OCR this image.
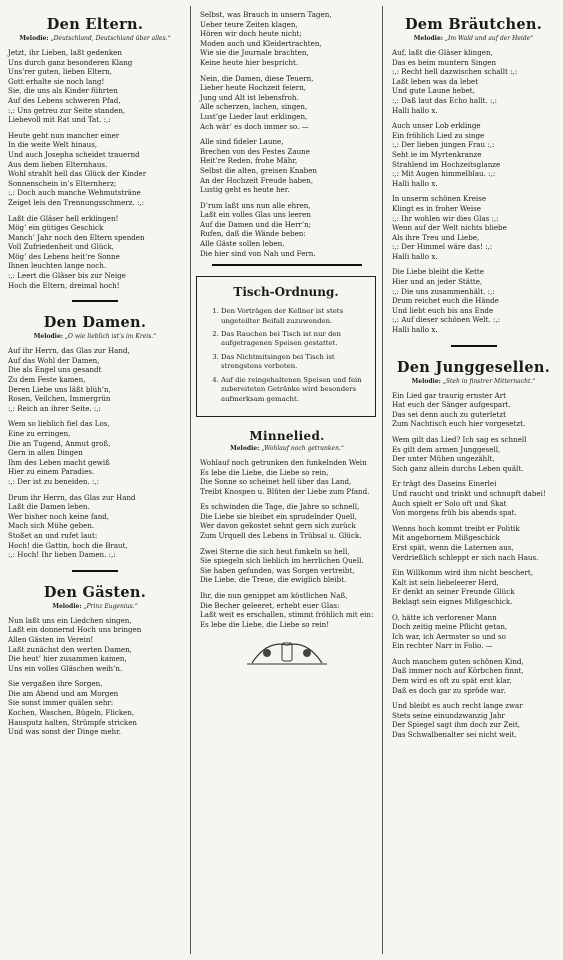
Den Eltern.
Melodie: „Deutschland, Deutschland über alles.“
Jetzt, ihr Lieben, laßt gedenken
Uns durch ganz besonderen Klang
Uns’rer guten, lieben Eltern,
Gott erhalte sie noch lang!
Sie, die uns als Kinder führten
Auf des Lebens schweren Pfad,
:,: Uns getreu zur Seite standen,
Liebevoll mit Rat und Tat. :,:
Heute geht nun mancher einer
In die weite Welt hinaus,
Und auch Josepha scheidet trauernd
Aus dem lieben Elternhaus.
Wohl strahlt hell das Glück der Kinder
Sonnenschein in’s Elternherz;
:,: Doch auch manche Wehmutsträne
Zeiget leis den Trennungsschmerz. :,:
Laßt die Gläser hell erklingen!
Mög’ ein gütiges Geschick
Manch’ Jahr noch den Eltern spenden
Voll Zufriedenheit und Glück,
Mög’ des Lebens heit’re Sonne
Ihnen leuchten lange noch.
:,: Leert die Gläser bis zur Neige
Hoch die Eltern, dreimal hoch!
Den Damen.
Melodie: „O wie lieblich ist’s im Kreis.“
Auf ihr Herrn, das Glas zur Hand,
Auf das Wohl der Damen,
Die als Engel uns gesandt
Zu dem Feste kamen,
Deren Liebe uns läßt blüh’n,
Rosen, Veilchen, Immergrün
:,: Reich an ihrer Seite. :,:
Wem so lieblich fiel das Los,
Eine zu erringen,
Die an Tugend, Anmut groß,
Gern in allen Dingen
Ihm des Leben macht gewiß
Hier zu einem Paradies.
:,: Der ist zu beneiden. :,:
Drum ihr Herrn, das Glas zur Hand
Laßt die Damen leben.
Wer bisher noch keine fand,
Mach sich Mühe geben.
Stoßet an und rufet laut:
Hoch! die Gattin, hoch die Braut,
:,: Hoch! Ihr lieben Damen. :,:
Den Gästen.
Melodie: „Prinz Eugenius.“
Nun laßt uns ein Liedchen singen,
Laßt ein donnernd Hoch uns bringen
Allen Gästen im Verein!
Laßt zunächst den werten Damen,
Die heut’ hier zusammen kamen,
Uns ein volles Gläschen weih’n.
Sie vergaßen ihre Sorgen,
Die am Abend und am Morgen
Sie sonst immer quälen sehr:
Kochen, Waschen, Bügeln, Flicken,
Hausputz halten, Strümpfe stricken
Und was sonst der Dinge mehr.
Selbst, was Brauch in unsern Tagen,
Ueber teure Zeiten klagen,
Hören wir doch heute nicht;
Moden auch und Kleidertrachten,
Wie sie die Journale brachten,
Keine heute hier bespricht.
Nein, die Damen, diese Teuern,
Lieber heute Hochzeit feiern,
Jung und Alt ist lebensfroh.
Alle scherzen, lachen, singen,
Lust’ge Lieder laut erklingen,
Ach wär’ es doch immer so. —
Alle sind fideler Laune,
Brechen von des Festes Zaune
Heit’re Reden, frohe Mähr,
Selbst die alten, greisen Knaben
An der Hochzeit Freude haben,
Lustig geht es heute her.
D’rum laßt uns nun alle ehren,
Laßt ein volles Glas uns leeren
Auf die Damen und die Herr’n;
Rufen, daß die Wände beben:
Alle Gäste sollen leben,
Die hier sind von Nah und Fern.
Tisch-Ordnung.
1. Den Vorträgen der Kellner ist stets ungeteilter Beifall zuzuwenden.
2. Das Rauchen bei Tisch ist nur den aufgetragenen Speisen gestattet.
3. Das Nichtmitsingen bei Tisch ist strengstens verboten.
4. Auf die reingehaltenen Speisen und fein zubereiteten Getränke wird besonders aufmerksam gemacht.
Minnelied.
Melodie: „Wohlauf noch getrunken.“
Wohlauf noch getrunken den funkelnden Wein
Es lebe die Liebe, die Liebe so rein,
Die Sonne so scheinet hell über das Land,
Treibt Knospen u. Blüten der Liebe zum Pfand.
Es schwinden die Tage, die Jahre so schnell,
Die Liebe sie bleibet ein sprudelnder Quell,
Wer davon gekostet sehnt gern sich zurück
Zum Urquell des Lebens in Trübsal u. Glück.
Zwei Sterne die sich heut funkeln so hell,
Sie spiegeln sich lieblich im herrlichen Quell.
Sie haben gefunden, was Sorgen vertreibt,
Die Liebe, die Treue, die ewiglich bleibt.
Ihr, die nun genippet am köstlichen Naß,
Die Becher geleeret, erhebt euer Glas:
Laßt weit es erschallen, stimmt fröhlich mit ein:
Es lebe die Liebe, die Liebe so rein!
Dem Bräutchen.
Melodie: „Im Wald und auf der Heide“
Auf, laßt die Gläser klingen,
Das es beim muntern Singen
:,: Recht hell dazwischen schallt :,:
Laßt leben was da lebet
Und gute Laune hebet,
:,: Daß laut das Echo hallt. :,:
Halli hallo x.
Auch unser Lob erklinge
Ein fröhlich Lied zu singe
:,: Der lieben jungen Frau :,:
Seht ︎ie im Myrtenkranze
Strahlend im Hochzeitsglanze
:,: Mit Augen himmelblau. :,:
Halli hallo x.
In unserm schönen Kreise
Klingt es in froher Weise
:,: Ihr wohlen wir dies Glas :,:
Wenn auf der Welt nichts bliebe
Als ihre Treu und Liebe,
:,: Der Himmel wäre das! :,:
Halli hallo x.
Die Liebe bleibt die Kette
Hier und an jeder Stätte,
:,: Die uns zusammenhält. :,:
Drum reichet euch die Hände
Und liebt euch bis ans Ende
:,: Auf dieser schönen Welt. :,:
Halli hallo x.
Den Junggesellen.
Melodie: „Steh in finstrer Mitternacht.“
Ein Lied gar traurig ernster Art
Hat euch der Sänger aufgespart.
Das sei denn auch zu guterletzt
Zum Nachtisch euch hier vorgesetzt.
Wem gilt das Lied? Ich sag es schnell
Es gilt dem armen Junggesell,
Der unter Mühen ungezählt,
Sich ganz allein durchs Leben quält.
Er trägt des Daseins Einerlei
Und raucht und trinkt und schnupft dabei!
Auch spielt er Solo oft und Skat
Von morgens früh bis abends spat.
Wenns hoch kommt treibt er Politik
Mit angebornem Mißgeschick
Erst spät, wenn die Laternen aus,
Verdrießlich schleppt er sich nach Haus.
Ein Willkomm wird ihm nicht beschert,
Kalt ist sein liebeleerer Herd,
Er denkt an seiner Freunde Glück
Beklagt sein eignes Mißgeschick.
O, hätte ich verlorener Mann
Doch zeitig meine Pflicht getan,
Ich war, ich Aermster so und so
Ein rechter Narr in Folio. —
Auch manchem guten schönen Kind,
Daß immer noch auf Körbchen finnt,
Dem wird es oft zu spät erst klar,
Daß es doch gar zu spröde war.
Und bleibt es auch recht lange zwar
Stets seine einundzwanzig Jahr
Der Spiegel sagt ihm doch zur Zeit,
Das Schwalbenalter sei nicht weit.
